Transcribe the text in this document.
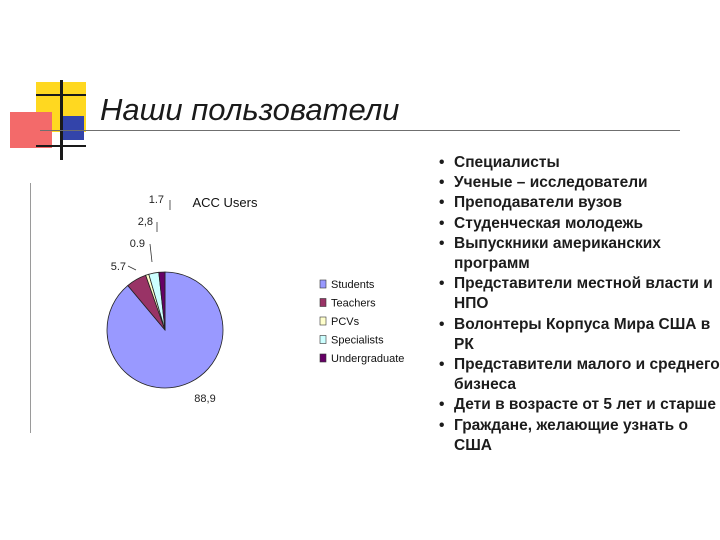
Наши пользователи
ACC Users
88,9
5.7
0.9
2,8
1.7
Students
Teachers
PCVs
Specialists
Undergraduate
• Специалисты
• Ученые – исследователи
• Преподаватели вузов
• Студенческая молодежь
• Выпускники американских программ
• Представители местной власти и НПО
• Волонтеры Корпуса Мира США в РК
• Представители малого и среднего бизнеса
• Дети в возрасте от 5 лет и старше
• Граждане, желающие узнать о США
